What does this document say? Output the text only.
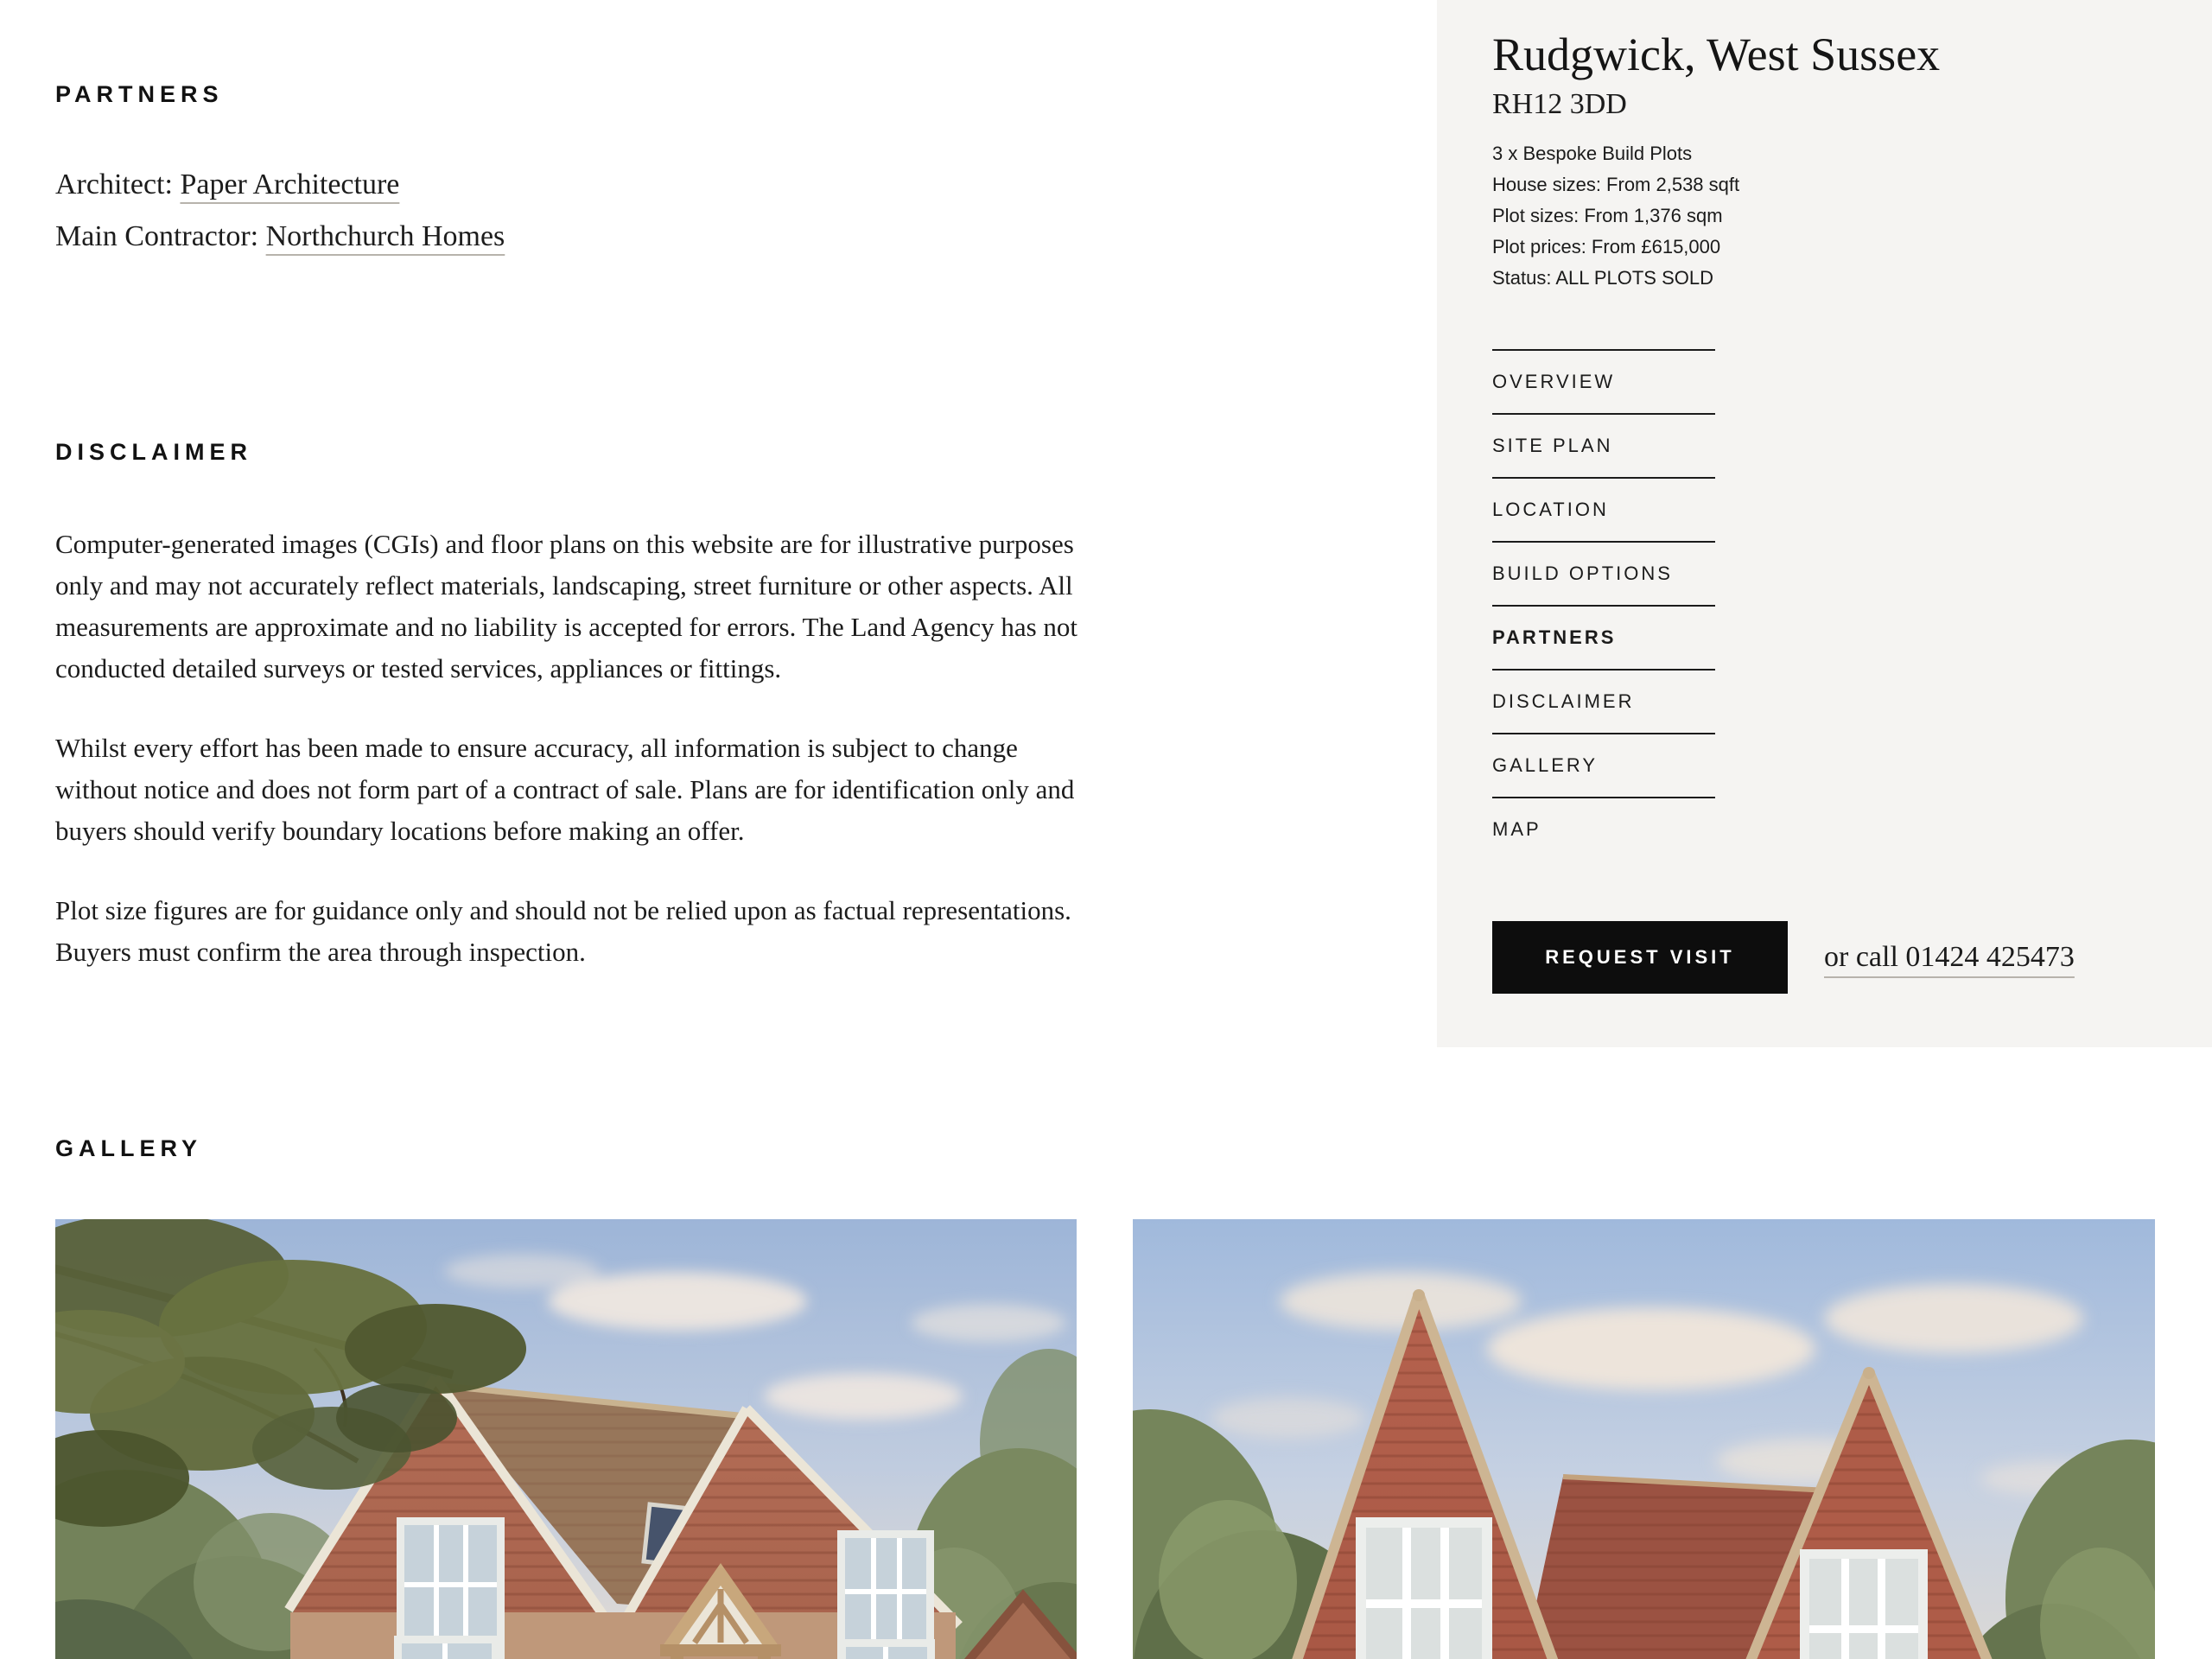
PARTNERS
Architect: Paper Architecture
Main Contractor: Northchurch Homes
DISCLAIMER

Computer-generated images (CGIs) and floor plans on this website are for illustrative purposes only and may not accurately reflect materials, landscaping, street furniture or other aspects. All measurements are approximate and no liability is accepted for errors. The Land Agency has not conducted detailed surveys or tested services, appliances or fittings.

Whilst every effort has been made to ensure accuracy, all information is subject to change without notice and does not form part of a contract of sale. Plans are for identification only and buyers should verify boundary locations before making an offer.

Plot size figures are for guidance only and should not be relied upon as factual representations. Buyers must confirm the area through inspection.

GALLERY
Rudgwick, West Sussex
RH12 3DD
3 x Bespoke Build Plots
House sizes: From 2,538 sqft
Plot sizes: From 1,376 sqm
Plot prices: From £615,000
Status: ALL PLOTS SOLD
OVERVIEW
SITE PLAN
LOCATION
BUILD OPTIONS
PARTNERS
DISCLAIMER
GALLERY
MAP
REQUEST VISIT	or call 01424 425473
